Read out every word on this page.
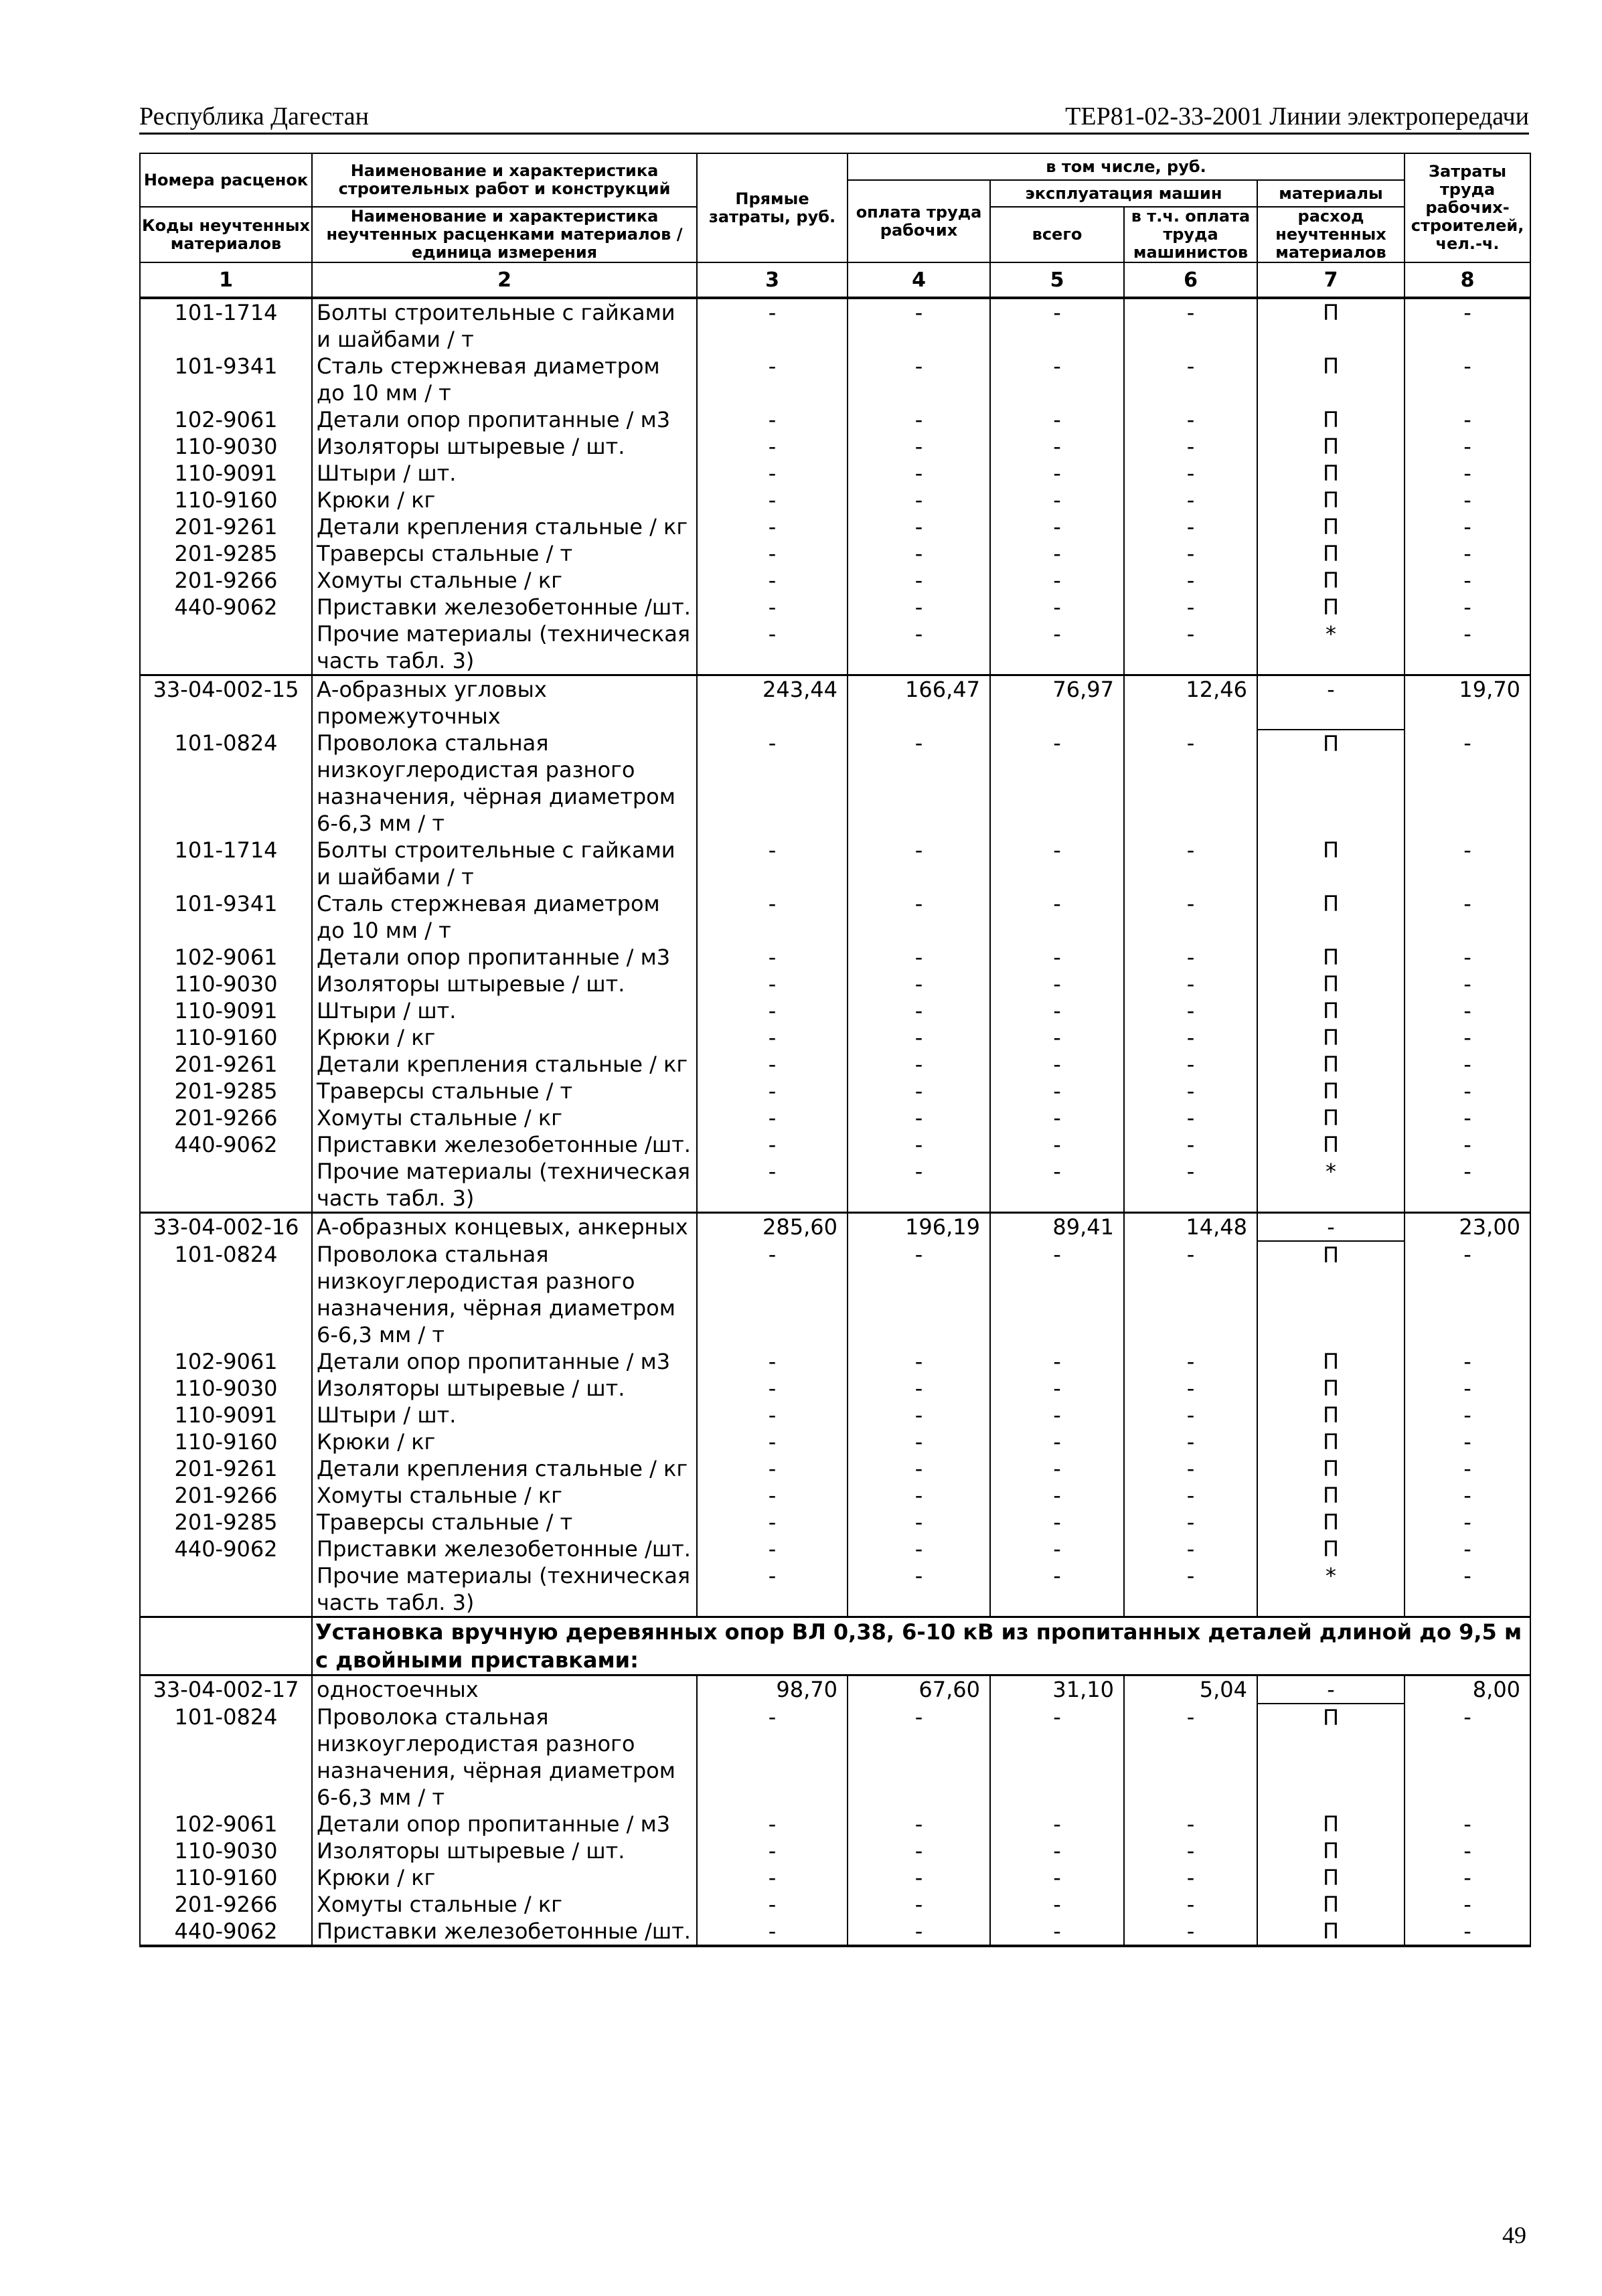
Республика Дагестан	ТЕР81-02-33-2001 Линии электропередачи
Номера расценок	Наименование и характеристика строительных работ и конструкций	Прямые затраты, руб.	в том числе, руб.				Затраты труда рабочих-строителей, чел.-ч.
			оплата труда рабочих	эксплуатация машин		материалы	
Коды неучтенных материалов	Наименование и характеристика неучтенных расценками материалов / единица измерения			всего	в т.ч. оплата труда машинистов	расход неучтенных материалов	

1	2	3	4	5	6	7	8
101-1714	Болты строительные с гайками и шайбами / т	-	-	-	-	П	-
101-9341	Сталь стержневая диаметром до 10 мм / т	-	-	-	-	П	-
102-9061	Детали опор пропитанные / м3	-	-	-	-	П	-
110-9030	Изоляторы штыревые / шт.	-	-	-	-	П	-
110-9091	Штыри / шт.	-	-	-	-	П	-
110-9160	Крюки / кг	-	-	-	-	П	-
201-9261	Детали крепления стальные / кг	-	-	-	-	П	-
201-9285	Траверсы стальные / т	-	-	-	-	П	-
201-9266	Хомуты стальные / кг	-	-	-	-	П	-
440-9062	Приставки железобетонные /шт.	-	-	-	-	П	-
	Прочие материалы (техническая часть табл. 3)	-	-	-	-	*	-
33-04-002-15	А-образных угловых промежуточных	243,44	166,47	76,97	12,46	-	19,70
101-0824	Проволока стальная низкоуглеродистая разного назначения, чёрная диаметром 6-6,3 мм / т	-	-	-	-	П	-
101-1714	Болты строительные с гайками и шайбами / т	-	-	-	-	П	-
101-9341	Сталь стержневая диаметром до 10 мм / т	-	-	-	-	П	-
102-9061	Детали опор пропитанные / м3	-	-	-	-	П	-
110-9030	Изоляторы штыревые / шт.	-	-	-	-	П	-
110-9091	Штыри / шт.	-	-	-	-	П	-
110-9160	Крюки / кг	-	-	-	-	П	-
201-9261	Детали крепления стальные / кг	-	-	-	-	П	-
201-9285	Траверсы стальные / т	-	-	-	-	П	-
201-9266	Хомуты стальные / кг	-	-	-	-	П	-
440-9062	Приставки железобетонные /шт.	-	-	-	-	П	-
	Прочие материалы (техническая часть табл. 3)	-	-	-	-	*	-
33-04-002-16	А-образных концевых, анкерных	285,60	196,19	89,41	14,48	-	23,00
101-0824	Проволока стальная низкоуглеродистая разного назначения, чёрная диаметром 6-6,3 мм / т	-	-	-	-	П	-
102-9061	Детали опор пропитанные / м3	-	-	-	-	П	-
110-9030	Изоляторы штыревые / шт.	-	-	-	-	П	-
110-9091	Штыри / шт.	-	-	-	-	П	-
110-9160	Крюки / кг	-	-	-	-	П	-
201-9261	Детали крепления стальные / кг	-	-	-	-	П	-
201-9266	Хомуты стальные / кг	-	-	-	-	П	-
201-9285	Траверсы стальные / т	-	-	-	-	П	-
440-9062	Приставки железобетонные /шт.	-	-	-	-	П	-
	Прочие материалы (техническая часть табл. 3)	-	-	-	-	*	-
	Установка вручную деревянных опор ВЛ 0,38, 6-10 кВ из пропитанных деталей длиной до 9,5 м с двойными приставками:						
33-04-002-17	одностоечных	98,70	67,60	31,10	5,04	-	8,00
101-0824	Проволока стальная низкоуглеродистая разного назначения, чёрная диаметром 6-6,3 мм / т	-	-	-	-	П	-
102-9061	Детали опор пропитанные / м3	-	-	-	-	П	-
110-9030	Изоляторы штыревые / шт.	-	-	-	-	П	-
110-9160	Крюки / кг	-	-	-	-	П	-
201-9266	Хомуты стальные / кг	-	-	-	-	П	-
440-9062	Приставки железобетонные /шт.	-	-	-	-	П	-
49
